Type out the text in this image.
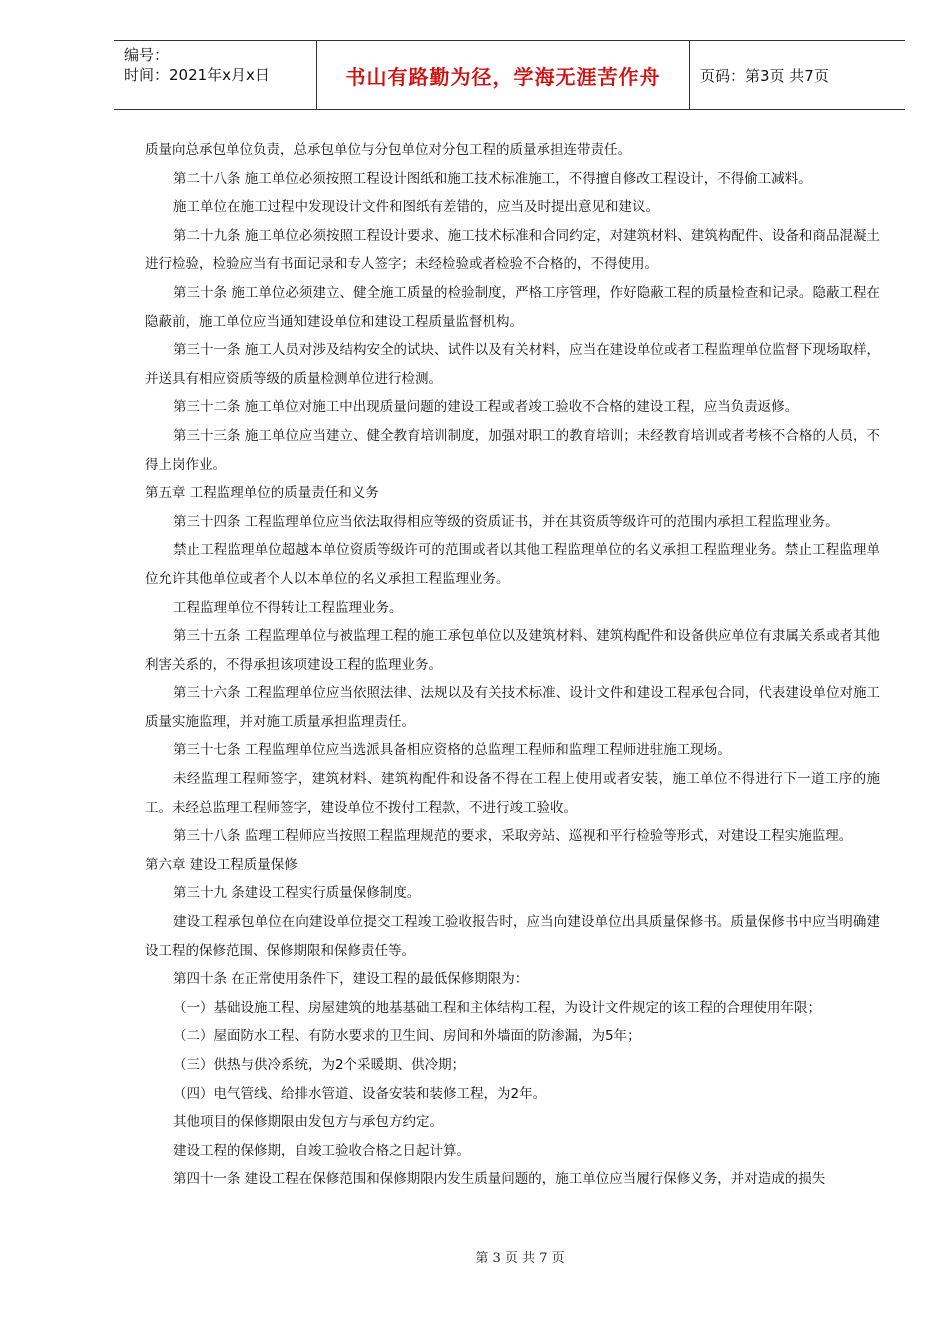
编号：
时间：2021年x月x日	书山有路勤为径，学海无涯苦作舟	页码：第3页 共7页

质量向总承包单位负责，总承包单位与分包单位对分包工程的质量承担连带责任。

第二十八条 施工单位必须按照工程设计图纸和施工技术标准施工，不得擅自修改工程设计，不得偷工减料。

施工单位在施工过程中发现设计文件和图纸有差错的，应当及时提出意见和建议。

第二十九条 施工单位必须按照工程设计要求、施工技术标准和合同约定，对建筑材料、建筑构配件、设备和商品混凝土进行检验，检验应当有书面记录和专人签字；未经检验或者检验不合格的，不得使用。

第三十条 施工单位必须建立、健全施工质量的检验制度，严格工序管理，作好隐蔽工程的质量检查和记录。隐蔽工程在隐蔽前，施工单位应当通知建设单位和建设工程质量监督机构。

第三十一条 施工人员对涉及结构安全的试块、试件以及有关材料，应当在建设单位或者工程监理单位监督下现场取样，并送具有相应资质等级的质量检测单位进行检测。

第三十二条 施工单位对施工中出现质量问题的建设工程或者竣工验收不合格的建设工程，应当负责返修。

第三十三条 施工单位应当建立、健全教育培训制度，加强对职工的教育培训；未经教育培训或者考核不合格的人员，不得上岗作业。

第五章 工程监理单位的质量责任和义务

第三十四条 工程监理单位应当依法取得相应等级的资质证书，并在其资质等级许可的范围内承担工程监理业务。

禁止工程监理单位超越本单位资质等级许可的范围或者以其他工程监理单位的名义承担工程监理业务。禁止工程监理单位允许其他单位或者个人以本单位的名义承担工程监理业务。

工程监理单位不得转让工程监理业务。

第三十五条 工程监理单位与被监理工程的施工承包单位以及建筑材料、建筑构配件和设备供应单位有隶属关系或者其他利害关系的，不得承担该项建设工程的监理业务。

第三十六条 工程监理单位应当依照法律、法规以及有关技术标准、设计文件和建设工程承包合同，代表建设单位对施工质量实施监理，并对施工质量承担监理责任。

第三十七条 工程监理单位应当选派具备相应资格的总监理工程师和监理工程师进驻施工现场。

未经监理工程师签字，建筑材料、建筑构配件和设备不得在工程上使用或者安装，施工单位不得进行下一道工序的施工。未经总监理工程师签字，建设单位不拨付工程款，不进行竣工验收。

第三十八条 监理工程师应当按照工程监理规范的要求，采取旁站、巡视和平行检验等形式，对建设工程实施监理。

第六章 建设工程质量保修

第三十九 条建设工程实行质量保修制度。

建设工程承包单位在向建设单位提交工程竣工验收报告时，应当向建设单位出具质量保修书。质量保修书中应当明确建设工程的保修范围、保修期限和保修责任等。

第四十条 在正常使用条件下，建设工程的最低保修期限为：

（一）基础设施工程、房屋建筑的地基基础工程和主体结构工程，为设计文件规定的该工程的合理使用年限；

（二）屋面防水工程、有防水要求的卫生间、房间和外墙面的防渗漏，为5年；

（三）供热与供冷系统，为2个采暖期、供冷期；

（四）电气管线、给排水管道、设备安装和装修工程，为2年。

其他项目的保修期限由发包方与承包方约定。

建设工程的保修期，自竣工验收合格之日起计算。

第四十一条 建设工程在保修范围和保修期限内发生质量问题的，施工单位应当履行保修义务，并对造成的损失

第 3 页 共 7 页
